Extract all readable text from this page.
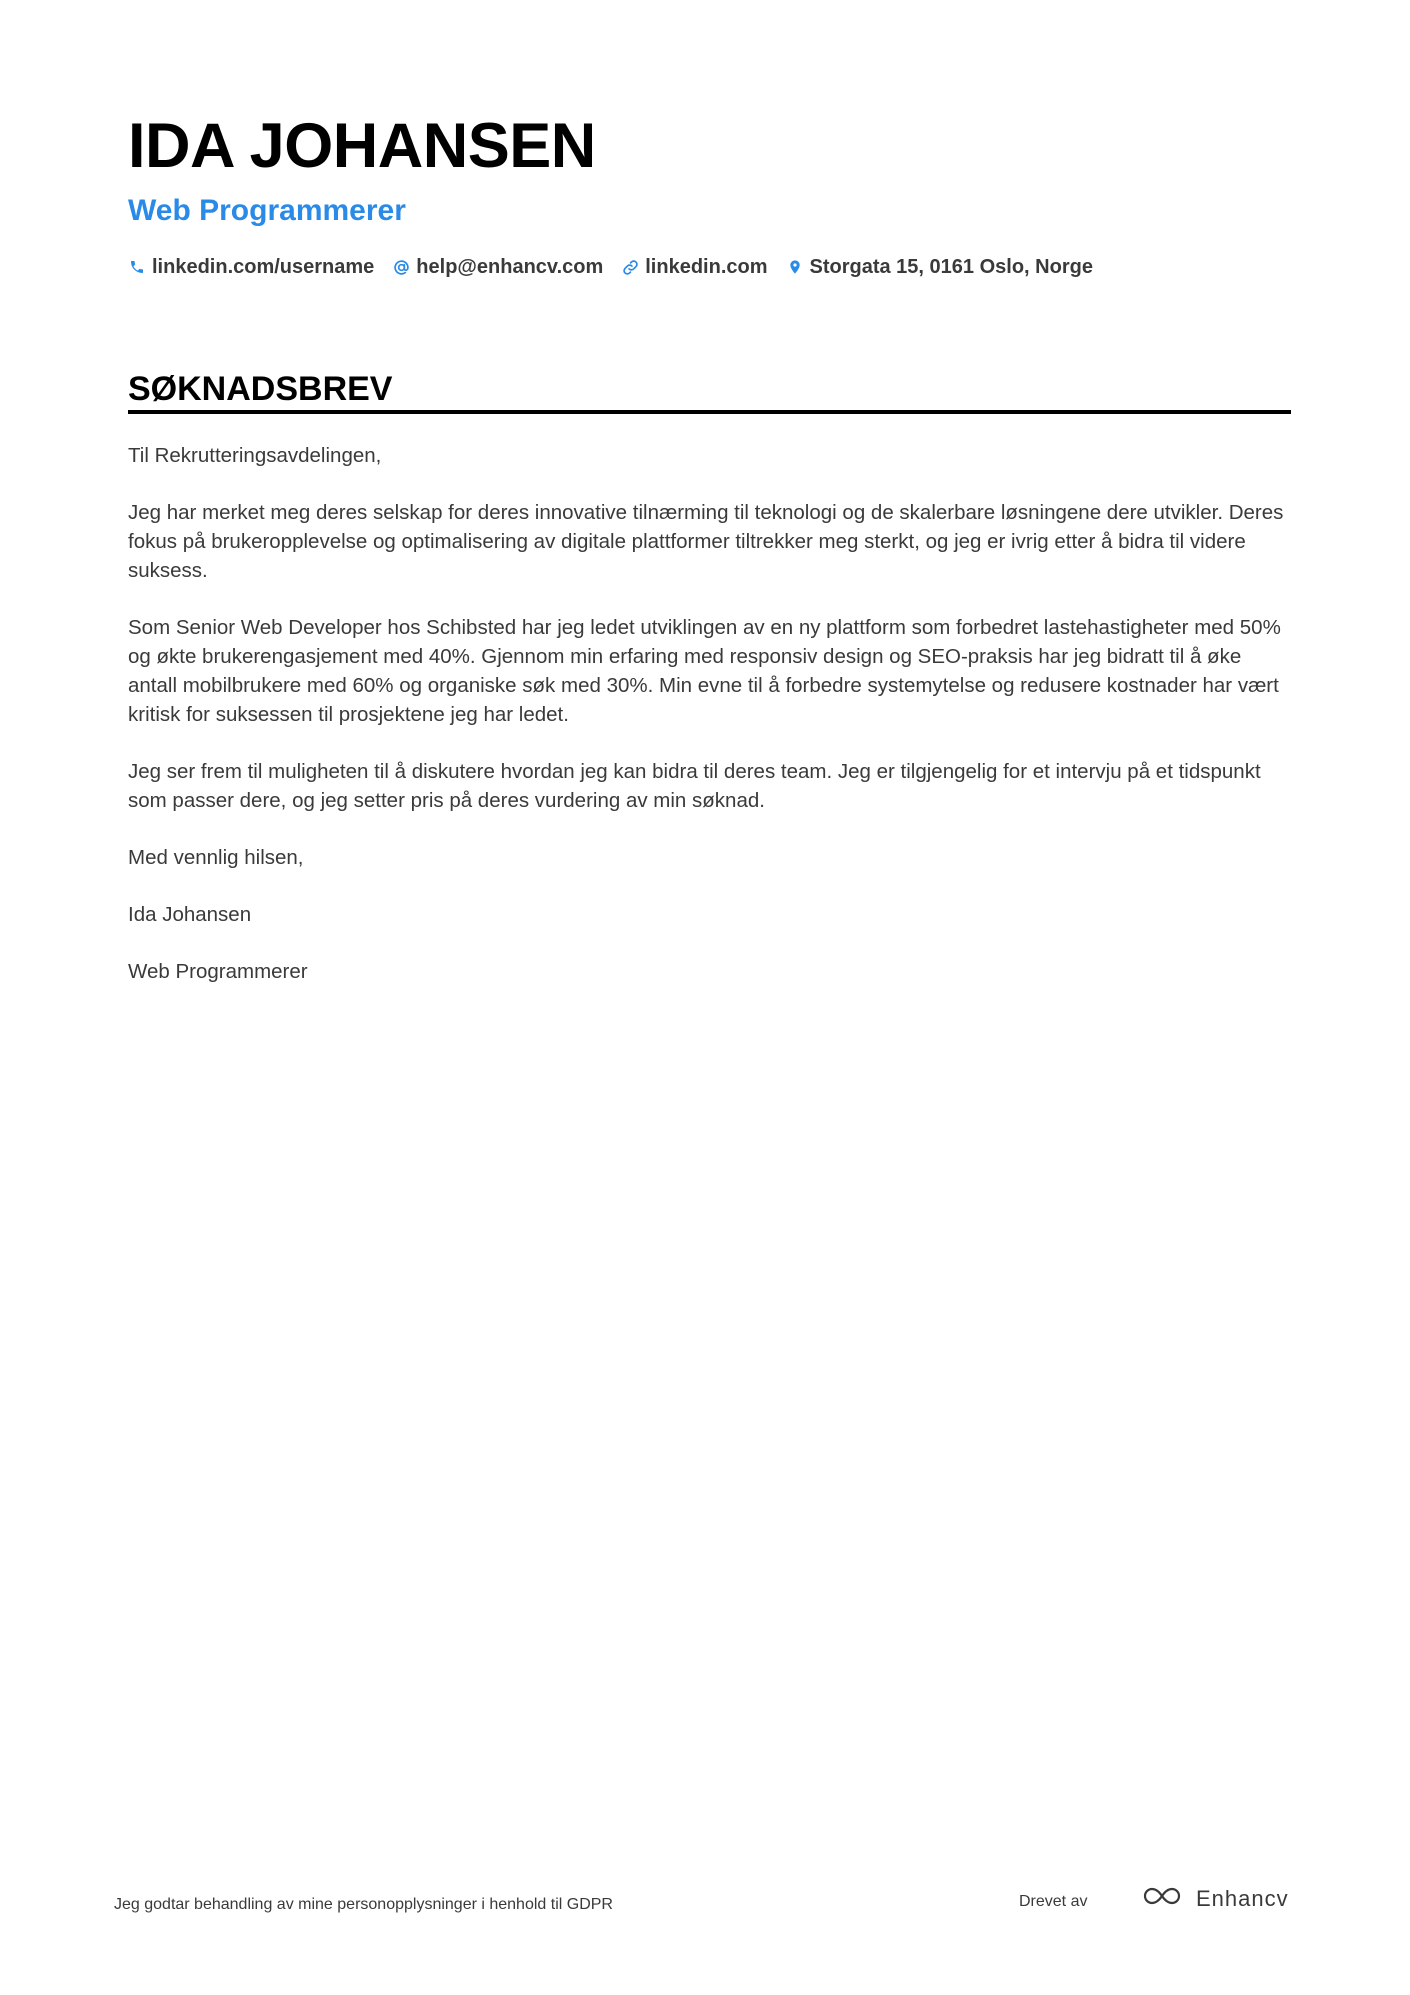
IDA JOHANSEN
Web Programmerer
linkedin.com/username help@enhancv.com linkedin.com Storgata 15, 0161 Oslo, Norge
SØKNADSBREV

Til Rekrutteringsavdelingen,

Jeg har merket meg deres selskap for deres innovative tilnærming til teknologi og de skalerbare løsningene dere utvikler. Deres fokus på brukeropplevelse og optimalisering av digitale plattformer tiltrekker meg sterkt, og jeg er ivrig etter å bidra til videre suksess.

Som Senior Web Developer hos Schibsted har jeg ledet utviklingen av en ny plattform som forbedret lastehastigheter med 50% og økte brukerengasjement med 40%. Gjennom min erfaring med responsiv design og SEO-praksis har jeg bidratt til å øke antall mobilbrukere med 60% og organiske søk med 30%. Min evne til å forbedre systemytelse og redusere kostnader har vært kritisk for suksessen til prosjektene jeg har ledet.

Jeg ser frem til muligheten til å diskutere hvordan jeg kan bidra til deres team. Jeg er tilgjengelig for et intervju på et tidspunkt som passer dere, og jeg setter pris på deres vurdering av min søknad.

Med vennlig hilsen,

Ida Johansen

Web Programmerer

Jeg godtar behandling av mine personopplysninger i henhold til GDPR	Drevet av	Enhancv
